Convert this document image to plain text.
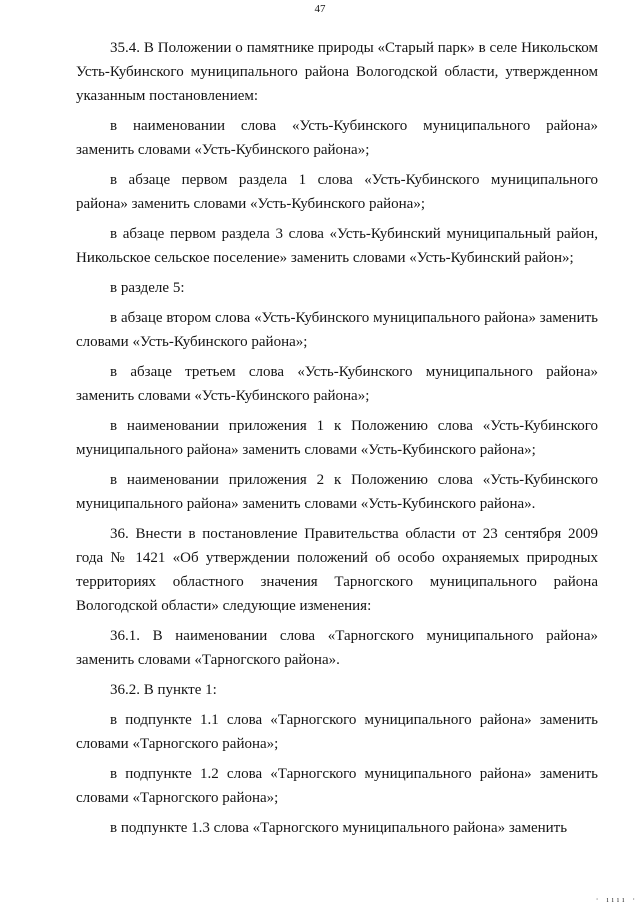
47

35.4. В Положении о памятнике природы «Старый парк» в селе Никольском Усть-Кубинского муниципального района Вологодской области, утвержденном указанным постановлением:

в наименовании слова «Усть-Кубинского муниципального района» заменить словами «Усть-Кубинского района»;

в абзаце первом раздела 1 слова «Усть-Кубинского муниципального района» заменить словами «Усть-Кубинского района»;

в абзаце первом раздела 3 слова «Усть-Кубинский муниципальный район, Никольское сельское поселение» заменить словами «Усть-Кубинский район»;

в разделе 5:

в абзаце втором слова «Усть-Кубинского муниципального района» заменить словами «Усть-Кубинского района»;

в абзаце третьем слова «Усть-Кубинского муниципального района» заменить словами «Усть-Кубинского района»;

в наименовании приложения 1 к Положению слова «Усть-Кубинского муниципального района» заменить словами «Усть-Кубинского района»;

в наименовании приложения 2 к Положению слова «Усть-Кубинского муниципального района» заменить словами «Усть-Кубинского района».

36. Внести в постановление Правительства области от 23 сентября 2009 года № 1421 «Об утверждении положений об особо охраняемых природных территориях областного значения Тарногского муниципального района Вологодской области» следующие изменения:

36.1. В наименовании слова «Тарногского муниципального района» заменить словами «Тарногского района».

36.2. В пункте 1:

в подпункте 1.1 слова «Тарногского муниципального района» заменить словами «Тарногского района»;

в подпункте 1.2 слова «Тарногского муниципального района» заменить словами «Тарногского района»;

в подпункте 1.3 слова «Тарногского муниципального района» заменить

· ıııı ·
